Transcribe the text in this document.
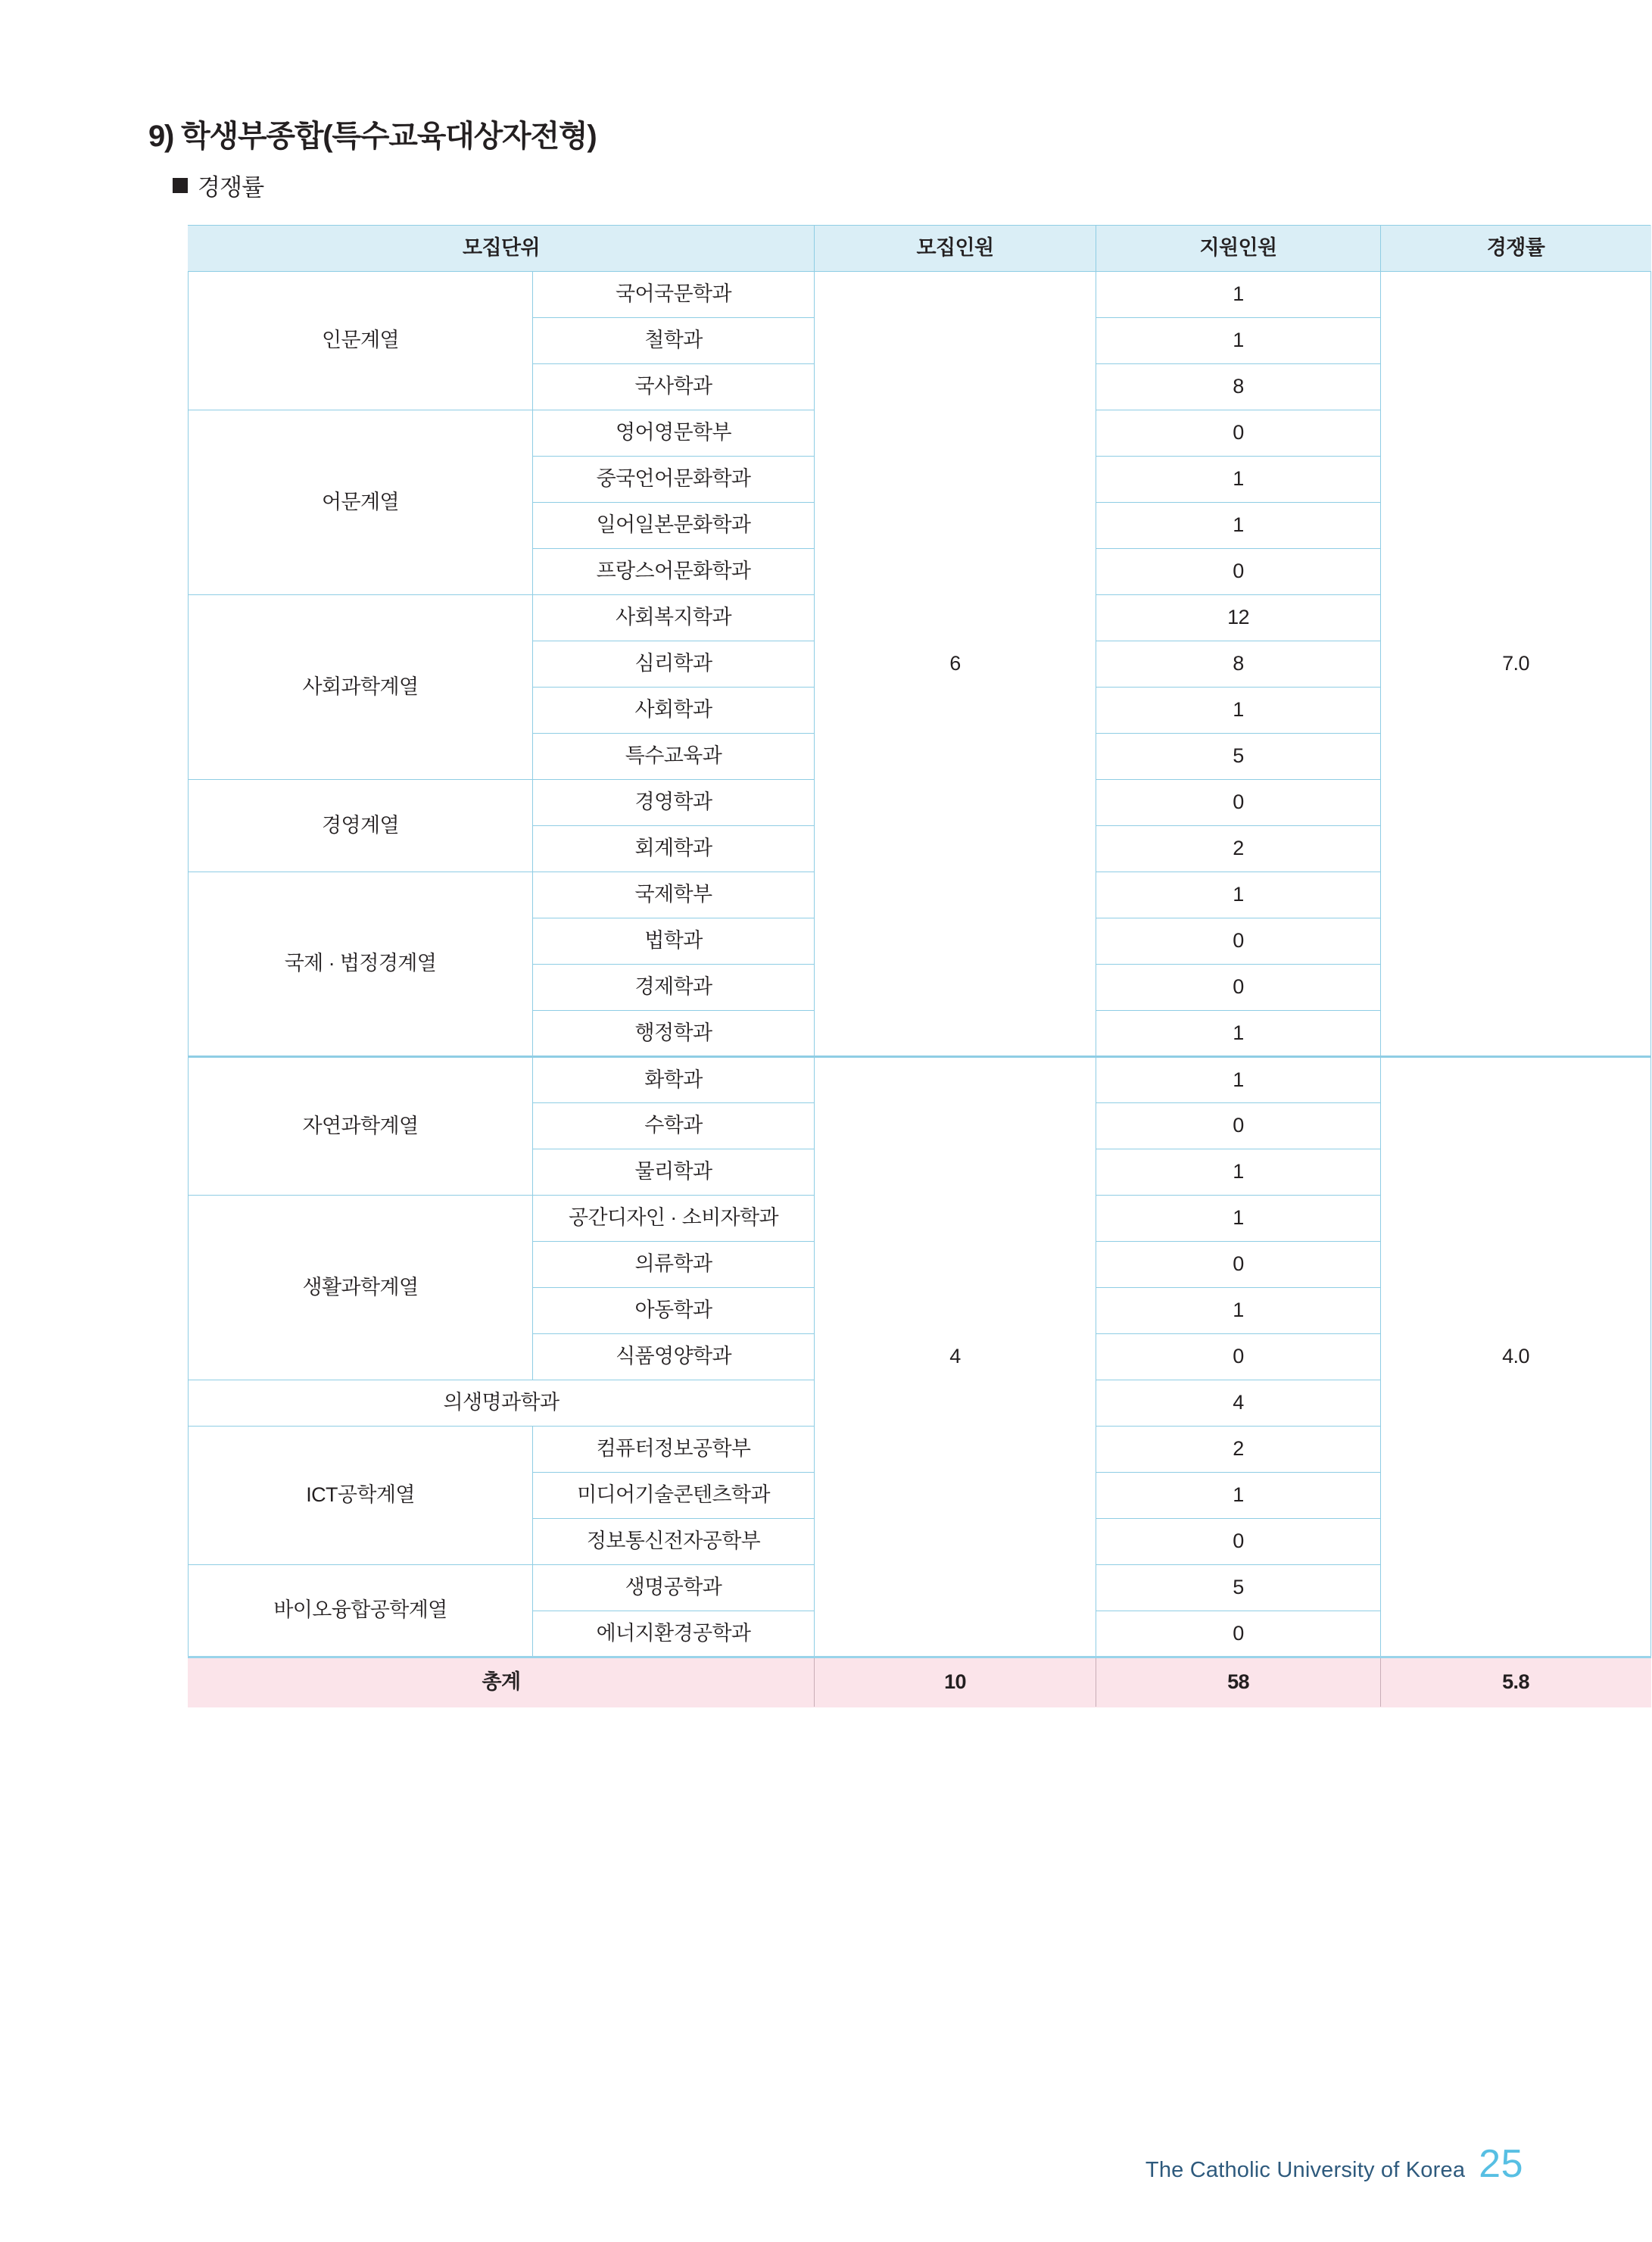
9) 학생부종합(특수교육대상자전형)
경쟁률
모집단위		모집인원	지원인원	경쟁률
인문계열	국어국문학과	6	1	7.0
	철학과		1	
	국사학과		8	
어문계열	영어영문학부		0	
	중국언어문화학과		1	
	일어일본문화학과		1	
	프랑스어문화학과		0	
사회과학계열	사회복지학과		12	
	심리학과		8	
	사회학과		1	
	특수교육과		5	
경영계열	경영학과		0	
	회계학과		2	
국제 · 법정경계열	국제학부		1	
	법학과		0	
	경제학과		0	
	행정학과		1	
자연과학계열	화학과	4	1	4.0
	수학과		0	
	물리학과		1	
생활과학계열	공간디자인 · 소비자학과		1	
	의류학과		0	
	아동학과		1	
	식품영양학과		0	
의생명과학과			4	
ICT공학계열	컴퓨터정보공학부		2	
	미디어기술콘텐츠학과		1	
	정보통신전자공학부		0	
바이오융합공학계열	생명공학과		5	
	에너지환경공학과		0	
총계		10	58	5.8
The Catholic University of Korea 25
